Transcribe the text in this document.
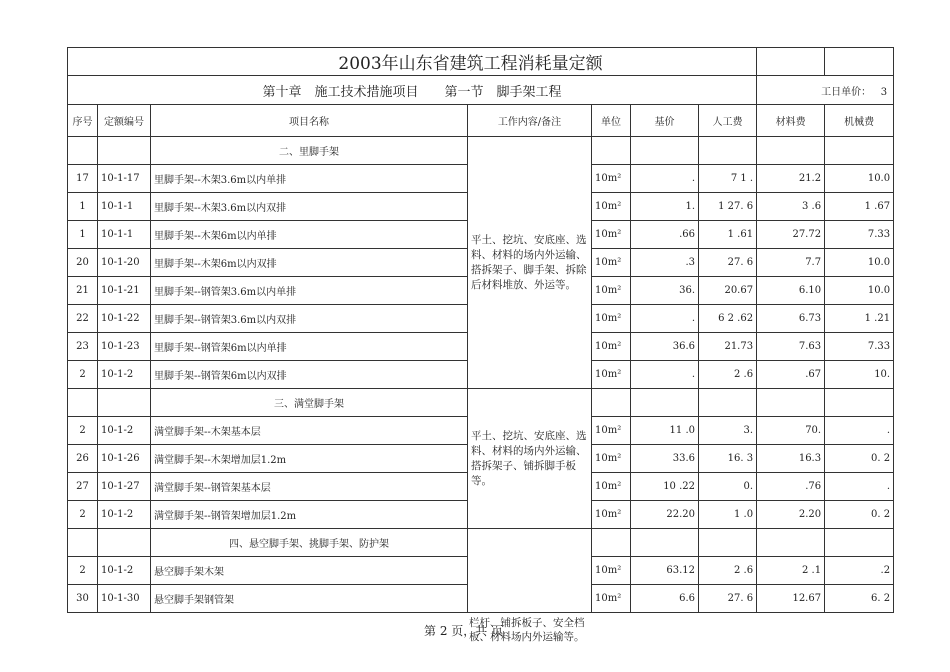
2003年山东省建筑工程消耗量定额								
第十章　施工技术措施项目　　第一节　脚手架工程							工日单价： 3	
序号	定额编号	项目名称	工作内容/备注	单位	基价	人工费	材料费	机械费
		二、里脚手架	平土、挖坑、安底座、选料、材料的场内外运输、搭拆架子、脚手架、拆除后材料堆放、外运等。					
17	10-1-17	里脚手架--木架3.6m以内单排		10m²	.	7 1 .	21.2	10.0
1	10-1-1	里脚手架--木架3.6m以内双排		10m²	1.	1 27. 6	3 .6	1 .67
1	10-1-1	里脚手架--木架6m以内单排		10m²	.66	1 .61	27.72	7.33
20	10-1-20	里脚手架--木架6m以内双排		10m²	.3	27. 6	7.7	10.0
21	10-1-21	里脚手架--钢管架3.6m以内单排		10m²	36.	20.67	6.10	10.0
22	10-1-22	里脚手架--钢管架3.6m以内双排		10m²	.	6 2 .62	6.73	1 .21
23	10-1-23	里脚手架--钢管架6m以内单排		10m²	36.6	21.73	7.63	7.33
2	10-1-2	里脚手架--钢管架6m以内双排		10m²	.	2 .6	.67	10.
		三、满堂脚手架	平土、挖坑、安底座、选料、材料的场内外运输、搭拆架子、铺拆脚手板等。					
2	10-1-2	满堂脚手架--木架基本层		10m²	11 .0	3.	70.	.
26	10-1-26	满堂脚手架--木架增加层1.2m		10m²	33.6	16. 3	16.3	0. 2
27	10-1-27	满堂脚手架--钢管架基本层		10m²	10 .22	0.	.76	.
2	10-1-2	满堂脚手架--钢管架增加层1.2m		10m²	22.20	1 .0	2.20	0. 2
		四、悬空脚手架、挑脚手架、防护架						
2	10-1-2	悬空脚手架木架		10m²	63.12	2 .6	2 .1	.2
30	10-1-30	悬空脚手架钢管架		10m²	6.6	27. 6	12.67	6. 2
第 2 页，共 页
栏杆、铺拆板子、安全档板、材料场内外运输等。
